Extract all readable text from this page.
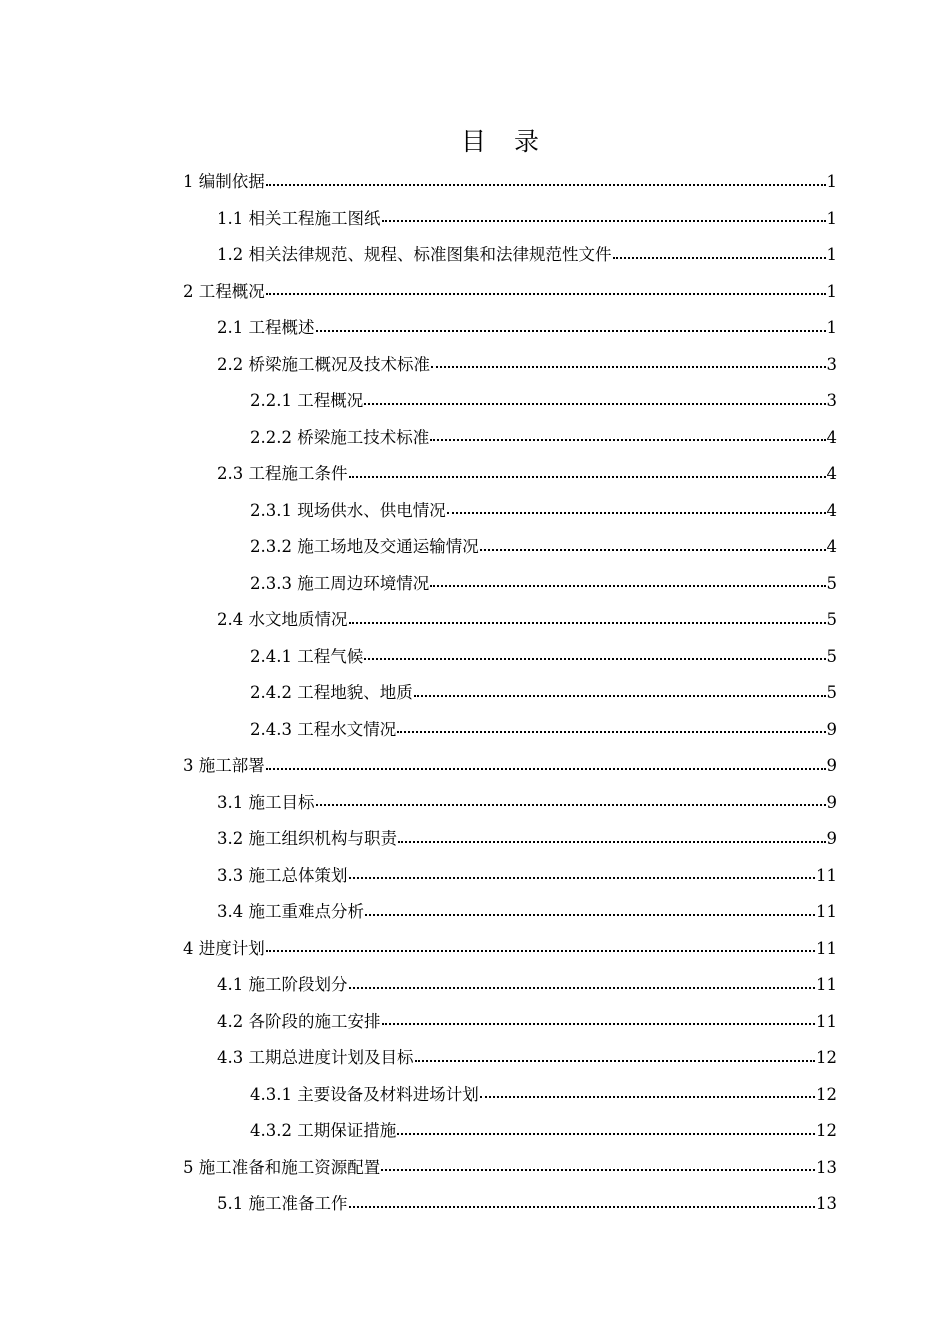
目 录
1 编制依据	1
1.1 相关工程施工图纸	1
1.2 相关法律规范、规程、标准图集和法律规范性文件	1
2 工程概况	1
2.1 工程概述	1
2.2 桥梁施工概况及技术标准	3
2.2.1 工程概况	3
2.2.2 桥梁施工技术标准	4
2.3 工程施工条件	4
2.3.1 现场供水、供电情况	4
2.3.2 施工场地及交通运输情况	4
2.3.3 施工周边环境情况	5
2.4 水文地质情况	5
2.4.1 工程气候	5
2.4.2 工程地貌、地质	5
2.4.3 工程水文情况	9
3 施工部署	9
3.1 施工目标	9
3.2 施工组织机构与职责	9
3.3 施工总体策划	11
3.4 施工重难点分析	11
4 进度计划	11
4.1 施工阶段划分	11
4.2 各阶段的施工安排	11
4.3 工期总进度计划及目标	12
4.3.1 主要设备及材料进场计划	12
4.3.2 工期保证措施	12
5 施工准备和施工资源配置	13
5.1 施工准备工作	13
